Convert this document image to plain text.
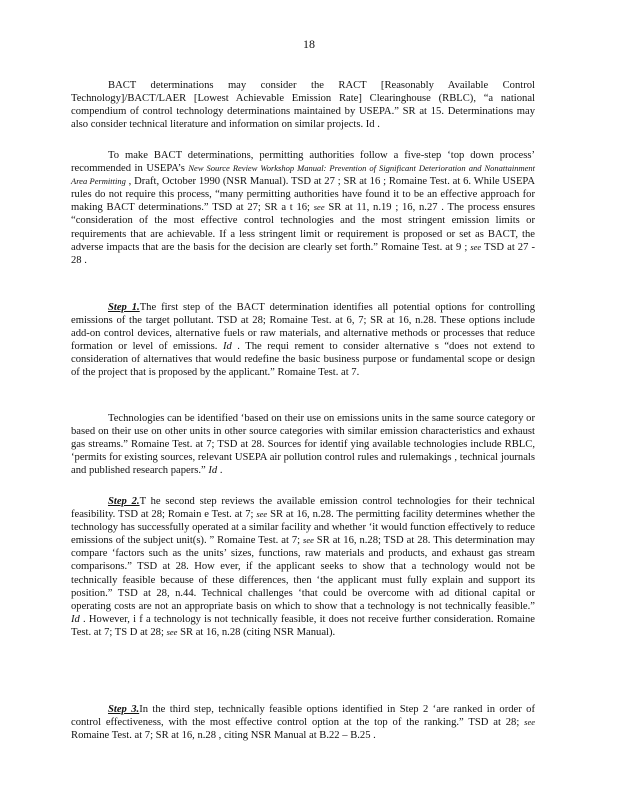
18

BACT determinations may consider the RACT [Reasonably Available Control Technology]/BACT/LAER [Lowest Achievable Emission Rate] Clearinghouse (RBLC), “a national compendium of control technology determinations maintained by USEPA.” SR at 15. Determinations may also consider technical literature and information on similar projects. Id .

To make BACT determinations, permitting authorities follow a five-step ‘top down process’ recommended in USEPA’s New Source Review Workshop Manual: Prevention of Significant Deterioration and Nonattainment Area Permitting , Draft, October 1990 (NSR Manual). TSD at 27 ; SR at 16 ; Romaine Test. at 6. While USEPA rules do not require this process, “many permitting authorities have found it to be an effective approach for making BACT determinations.” TSD at 27; SR a t 16; see SR at 11, n.19 ; 16, n.27 . The process ensures “consideration of the most effective control technologies and the most stringent emission limits or requirements that are achievable. If a less stringent limit or requirement is proposed or set as BACT, the adverse impacts that are the basis for the decision are clearly set forth.” Romaine Test. at 9 ; see TSD at 27 - 28 .

Step 1.The first step of the BACT determination identifies all potential options for controlling emissions of the target pollutant. TSD at 28; Romaine Test. at 6, 7; SR at 16, n.28. These options include add-on control devices, alternative fuels or raw materials, and alternative methods or processes that reduce formation or level of emissions. Id . The requi rement to consider alternative s “does not extend to consideration of alternatives that would redefine the basic business purpose or fundamental scope or design of the project that is proposed by the applicant.” Romaine Test. at 7.

Technologies can be identified ‘based on their use on emissions units in the same source category or based on their use on other units in other source categories with similar emission characteristics and exhaust gas streams.” Romaine Test. at 7; TSD at 28. Sources for identif ying available technologies include RBLC, ‘permits for existing sources, relevant USEPA air pollution control rules and rulemakings , technical journals and published research papers.” Id .

Step 2.T he second step reviews the available emission control technologies for their technical feasibility. TSD at 28; Romain e Test. at 7; see SR at 16, n.28. The permitting facility determines whether the technology has successfully operated at a similar facility and whether ‘it would function effectively to reduce emissions of the subject unit(s). ” Romaine Test. at 7; see SR at 16, n.28; TSD at 28. This determination may compare ‘factors such as the units’ sizes, functions, raw materials and products, and exhaust gas stream comparisons.” TSD at 28. How ever, if the applicant seeks to show that a technology would not be technically feasible because of these differences, then ‘the applicant must fully explain and support its position.” TSD at 28, n.44. Technical challenges ‘that could be overcome with ad ditional capital or operating costs are not an appropriate basis on which to show that a technology is not technically feasible.” Id . However, i f a technology is not technically feasible, it does not receive further consideration. Romaine Test. at 7; TS D at 28; see SR at 16, n.28 (citing NSR Manual).

Step 3.In the third step, technically feasible options identified in Step 2 ‘are ranked in order of control effectiveness, with the most effective control option at the top of the ranking.” TSD at 28; see Romaine Test. at 7; SR at 16, n.28 , citing NSR Manual at B.22 – B.25 .
